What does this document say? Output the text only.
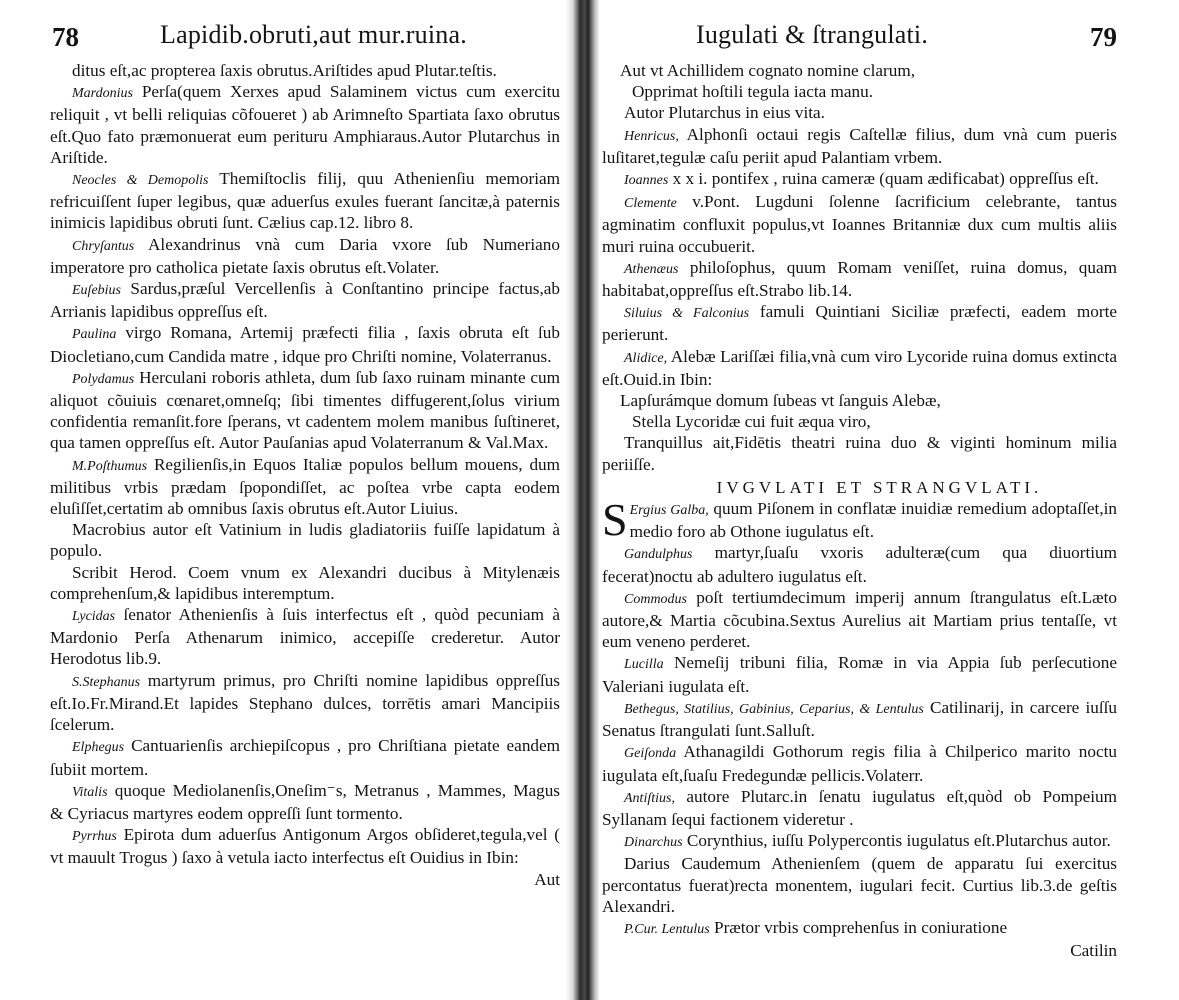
78	Lapidib.obruti,aut mur.ruina.

ditus eſt,ac propterea ſaxis obrutus.Ariſtides apud Plutar.teſtis.

Mardonius Perſa(quem Xerxes apud Salaminem victus cum exercitu reliquit , vt belli reliquias cõfoueret ) ab Arimneſto Spartiata ſaxo obrutus eſt.Quo fato præmonuerat eum perituru Amphiaraus.Autor Plutarchus in Ariſtide.

Neocles & Demopolis Themiſtoclis filij, quu Athenienſiu memoriam refricuiſſent ſuper legibus, quæ aduerſus exules fuerant ſancitæ,à paternis inimicis lapidibus obruti ſunt. Cælius cap.12. libro 8.

Chryſantus Alexandrinus vnà cum Daria vxore ſub Numeriano imperatore pro catholica pietate ſaxis obrutus eſt.Volater.

Euſebius Sardus,præſul Vercellenſis à Conſtantino principe factus,ab Arrianis lapidibus oppreſſus eſt.

Paulina virgo Romana, Artemij præfecti filia , ſaxis obruta eſt ſub Diocletiano,cum Candida matre , idque pro Chriſti nomine, Volaterranus.

Polydamus Herculani roboris athleta, dum ſub ſaxo ruinam minante cum aliquot cõuiuis cœnaret,omneſq; ſibi timentes diffugerent,ſolus virium confidentia remanſit.fore ſperans, vt cadentem molem manibus ſuſtineret, qua tamen oppreſſus eſt. Autor Pauſanias apud Volaterranum & Val.Max.

M.Poſthumus Regilienſis,in Equos Italiæ populos bellum mouens, dum militibus vrbis prædam ſpopondiſſet, ac poſtea vrbe capta eodem eluſiſſet,certatim ab omnibus ſaxis obrutus eſt.Autor Liuius.

Macrobius autor eſt Vatinium in ludis gladiatoriis fuiſſe lapidatum à populo.

Scribit Herod. Coem vnum ex Alexandri ducibus à Mitylenæis comprehenſum,& lapidibus interemptum.

Lycidas ſenator Athenienſis à ſuis interfectus eſt , quòd pecuniam à Mardonio Perſa Athenarum inimico, accepiſſe crederetur. Autor Herodotus lib.9.

S.Stephanus martyrum primus, pro Chriſti nomine lapidibus oppreſſus eſt.Io.Fr.Mirand.Et lapides Stephano dulces, torrētis amari Mancipiis ſcelerum.

Elphegus Cantuarienſis archiepiſcopus , pro Chriſtiana pietate eandem ſubiit mortem.

Vitalis quoque Mediolanenſis,Oneſim⁻s, Metranus , Mammes, Magus & Cyriacus martyres eodem oppreſſi ſunt tormento.

Pyrrhus Epirota dum aduerſus Antigonum Argos obſideret,tegula,vel ( vt mauult Trogus ) ſaxo à vetula iacto interfectus eſt Ouidius in Ibin:

Aut

Iugulati & ſtrangulati.	79

Aut vt Achillidem cognato nomine clarum,

Opprimat hoſtili tegula iacta manu.

Autor Plutarchus in eius vita.

Henricus, Alphonſi octaui regis Caſtellæ filius, dum vnà cum pueris luſitaret,tegulæ caſu periit apud Palantiam vrbem.

Ioannes x x i. pontifex , ruina cameræ (quam ædificabat) oppreſſus eſt.

Clemente v.Pont. Lugduni ſolenne ſacrificium celebrante, tantus agminatim confluxit populus,vt Ioannes Britanniæ dux cum multis aliis muri ruina occubuerit.

Athenæus philoſophus, quum Romam veniſſet, ruina domus, quam habitabat,oppreſſus eſt.Strabo lib.14.

Siluius & Falconius famuli Quintiani Siciliæ præfecti, eadem morte perierunt.

Alidice, Alebæ Lariſſæi filia,vnà cum viro Lycoride ruina domus extincta eſt.Ouid.in Ibin:

Lapſurámque domum ſubeas vt ſanguis Alebæ,

Stella Lycoridæ cui fuit æqua viro,

Tranquillus ait,Fidētis theatri ruina duo & viginti hominum milia periiſſe.

IVGVLATI ET STRANGVLATI.

S Ergius Galba, quum Piſonem in conflatæ inuidiæ remedium adoptaſſet,in medio foro ab Othone iugulatus eſt.

Gandulphus martyr,ſuaſu vxoris adulteræ(cum qua diuortium fecerat)noctu ab adultero iugulatus eſt.

Commodus poſt tertiumdecimum imperij annum ſtrangulatus eſt.Læto autore,& Martia cõcubina.Sextus Aurelius ait Martiam prius tentaſſe, vt eum veneno perderet.

Lucilla Nemeſij tribuni filia, Romæ in via Appia ſub perſecutione Valeriani iugulata eſt.

Bethegus, Statilius, Gabinius, Ceparius, & Lentulus Catilinarij, in carcere iuſſu Senatus ſtrangulati ſunt.Salluſt.

Geiſonda Athanagildi Gothorum regis filia à Chilperico marito noctu iugulata eſt,ſuaſu Fredegundæ pellicis.Volaterr.

Antiſtius, autore Plutarc.in ſenatu iugulatus eſt,quòd ob Pompeium Syllanam ſequi factionem videretur .

Dinarchus Corynthius, iuſſu Polypercontis iugulatus eſt.Plutarchus autor.

Darius Caudemum Athenienſem (quem de apparatu ſui exercitus percontatus fuerat)recta monentem, iugulari fecit. Curtius lib.3.de geſtis Alexandri.

P.Cur. Lentulus Prætor vrbis comprehenſus in coniuratione

Catilin
